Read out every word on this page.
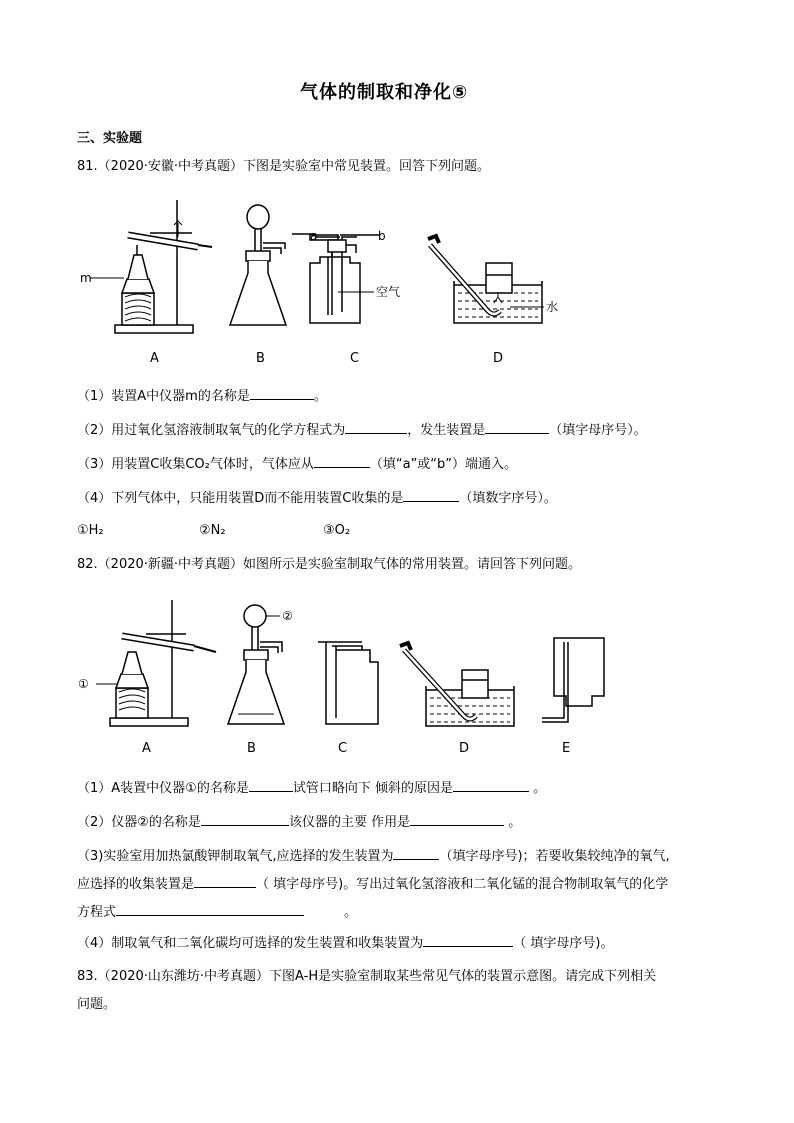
气体的制取和净化⑤
三、实验题
81.（2020·安徽·中考真题）下图是实验室中常见装置。回答下列问题。
m
a	b
空气
水
A	B	C	D
（1）装置A中仪器m的名称是	。
（2）用过氧化氢溶液制取氧气的化学方程式为	，发生装置是	（填字母序号）。
（3）用装置C收集CO₂气体时，气体应从	（填“a”或“b”）端通入。
（4）下列气体中，只能用装置D而不能用装置C收集的是	（填数字序号）。
①H₂	②N₂	③O₂
82.（2020·新疆·中考真题）如图所示是实验室制取气体的常用装置。请回答下列问题。
①
②
A	B	C	D	E
（1）A装置中仪器①的名称是	试管口略向下 倾斜的原因是	。
（2）仪器②的名称是	该仪器的主要 作用是	。
（3)实验室用加热氯酸钾制取氧气,应选择的发生装置为	（填字母序号)；若要收集较纯净的氧气,
应选择的收集装置是	（ 填字母序号)。写出过氧化氢溶液和二氧化锰的混合物制取氧气的化学
方程式	。
（4）制取氧气和二氧化碳均可选择的发生装置和收集装置为	（ 填字母序号)。
83.（2020·山东潍坊·中考真题）下图A-H是实验室制取某些常见气体的装置示意图。请完成下列相关
问题。
